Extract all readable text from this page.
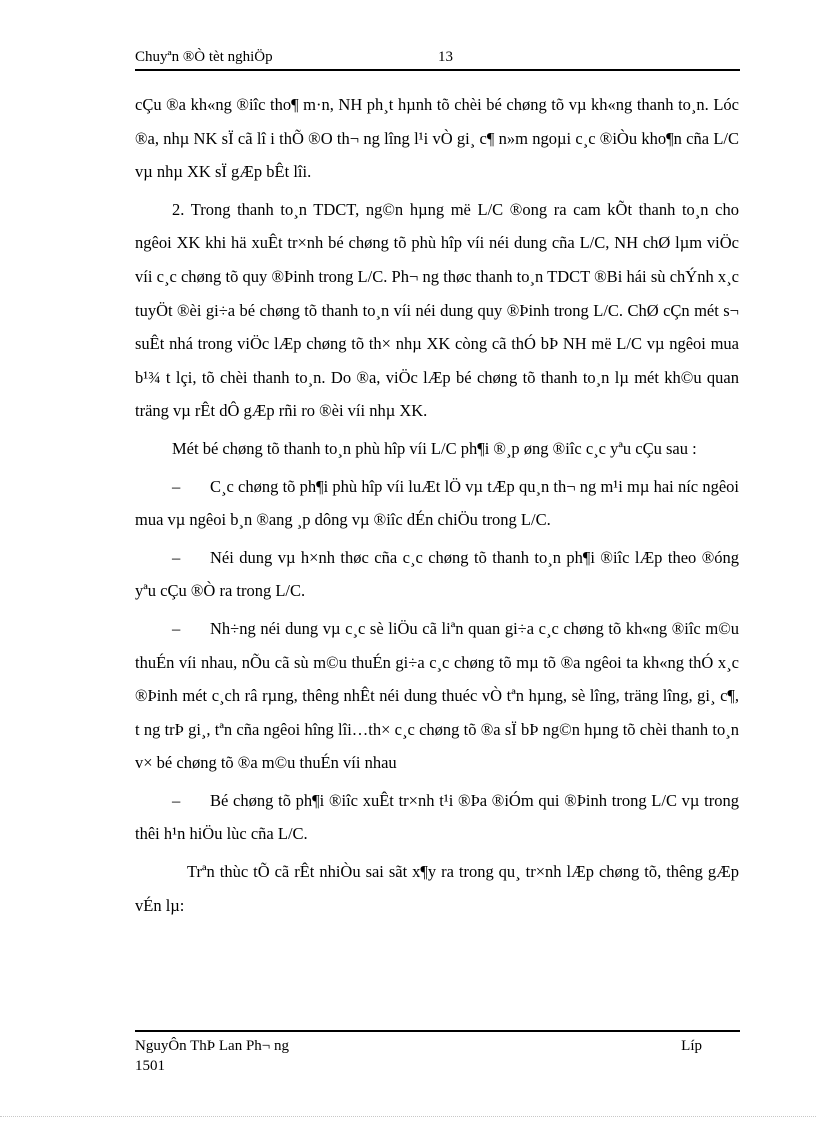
Chuyªn ®Ò tèt nghiÖp	13

cÇu ®a kh«ng ®iîc tho¶ m·n, NH ph¸t hµnh tõ chèi bé chøng tõ vµ kh«ng thanh to¸n. Lóc ®a, nhµ NK sÏ cã lî i thÕ ®O th¬ ng lîng l¹i vÒ gi¸ c¶ n»m ngoµi c¸c ®iÒu kho¶n cña L/C vµ nhµ XK sÏ gÆp bÊt lîi.

2. Trong thanh to¸n TDCT, ng©n hµng më L/C ®ong ra cam kÕt thanh to¸n cho ngêoi XK khi hä xuÊt tr×nh bé chøng tõ phù hîp víi néi dung cña L/C, NH chØ lµm viÖc víi c¸c chøng tõ quy ®Þinh trong L/C. Ph¬ ng thøc thanh to¸n TDCT ®Bi hái sù chÝnh x¸c tuyÖt ®èi gi÷a bé chøng tõ thanh to¸n víi néi dung quy ®Þinh trong L/C. ChØ cÇn mét s¬ suÊt nhá trong viÖc lÆp chøng tõ th× nhµ XK còng cã thÓ bÞ NH më L/C vµ ngêoi mua b¹¾ t lçi, tõ chèi thanh to¸n. Do ®a, viÖc lÆp bé chøng tõ thanh to¸n lµ mét kh©u quan träng vµ rÊt dÔ gÆp rñi ro ®èi víi nhµ XK.

Mét bé chøng tõ thanh to¸n phù hîp víi L/C ph¶i ®¸p øng ®iîc c¸c yªu cÇu sau :

– C¸c chøng tõ ph¶i phù hîp víi luÆt lÖ vµ tÆp qu¸n th¬ ng m¹i mµ hai níc ngêoi mua vµ ngêoi b¸n ®ang ¸p dông vµ ®iîc dÉn chiÖu trong L/C.

– Néi dung vµ h×nh thøc cña c¸c chøng tõ thanh to¸n ph¶i ®iîc lÆp theo ®óng yªu cÇu ®Ò ra trong L/C.

– Nh÷ng néi dung vµ c¸c sè liÖu cã liªn quan gi÷a c¸c chøng tõ kh«ng ®iîc m©u thuÉn víi nhau, nÕu cã sù m©u thuÉn gi÷a c¸c chøng tõ mµ tõ ®a ngêoi ta kh«ng thÓ x¸c ®Þinh mét c¸ch râ rµng, thêng nhÊt néi dung thuéc vÒ tªn hµng, sè lîng, träng lîng, gi¸ c¶, t ng trÞ gi¸, tªn cña ngêoi hîng lîi…th× c¸c chøng tõ ®a sÏ bÞ ng©n hµng tõ chèi thanh to¸n v× bé chøng tõ ®a m©u thuÉn víi nhau

– Bé chøng tõ ph¶i ®iîc xuÊt tr×nh t¹i ®Þa ®iÓm qui ®Þinh trong L/C vµ trong thêi h¹n hiÖu lùc cña L/C.

Trªn thùc tÕ cã rÊt nhiÒu sai sãt x¶y ra trong qu¸ tr×nh lÆp chøng tõ, thêng gÆp vÉn lµ:

NguyÔn ThÞ Lan Ph¬ ng	Líp
1501
